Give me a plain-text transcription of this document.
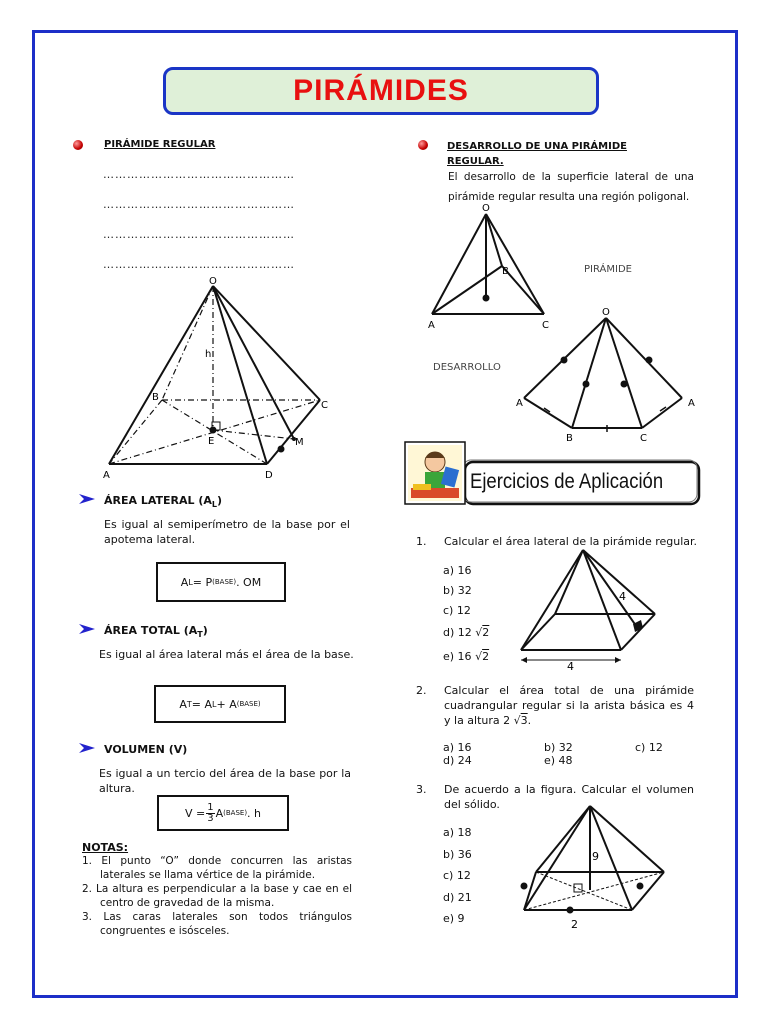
PIRÁMIDES
PIRÁMIDE REGULAR
…………………………………………
…………………………………………
…………………………………………
…………………………………………
O
h
B
C
E	M
A	D
ÁREA LATERAL $(A_L)$
Es igual al semiperímetro de la base por el apotema lateral.
A L = P (BASE) . OM
ÁREA TOTAL $(A_T)$
Es igual al área lateral más el área de la base.
A T = A L + A (BASE)
VOLUMEN (V)
Es igual a un tercio del área de la base por la altura.
$V = \frac{1}{3}$ A (BASE) . h
NOTAS:
1. El punto “O” donde concurren las aristas laterales se llama vértice de la pirámide.
2. La altura es perpendicular a la base y cae en el centro de gravedad de la misma.
3. Las caras laterales son todos triángulos congruentes e isósceles.
DESARROLLO DE UNA PIRÁMIDE REGULAR.
El desarrollo de la superficie lateral de una pirámide regular resulta una región poligonal.
O
B
A	C
PIRÁMIDE
DESARROLLO
O
A	A
B	C
Ejercicios de Aplicación
1. Calcular el área lateral de la pirámide regular.
a) 16
b) 32
c) 12
d) 12 √2
e) 16 √2
4
4
2. Calcular el área total de una pirámide cuadrangular regular si la arista básica es 4 y la altura 2 √3.
a) 16	b) 32	c) 12
d) 24	e) 48
3. De acuerdo a la figura. Calcular el volumen del sólido.
a) 18
b) 36
c) 12
d) 21
e) 9
9
2
